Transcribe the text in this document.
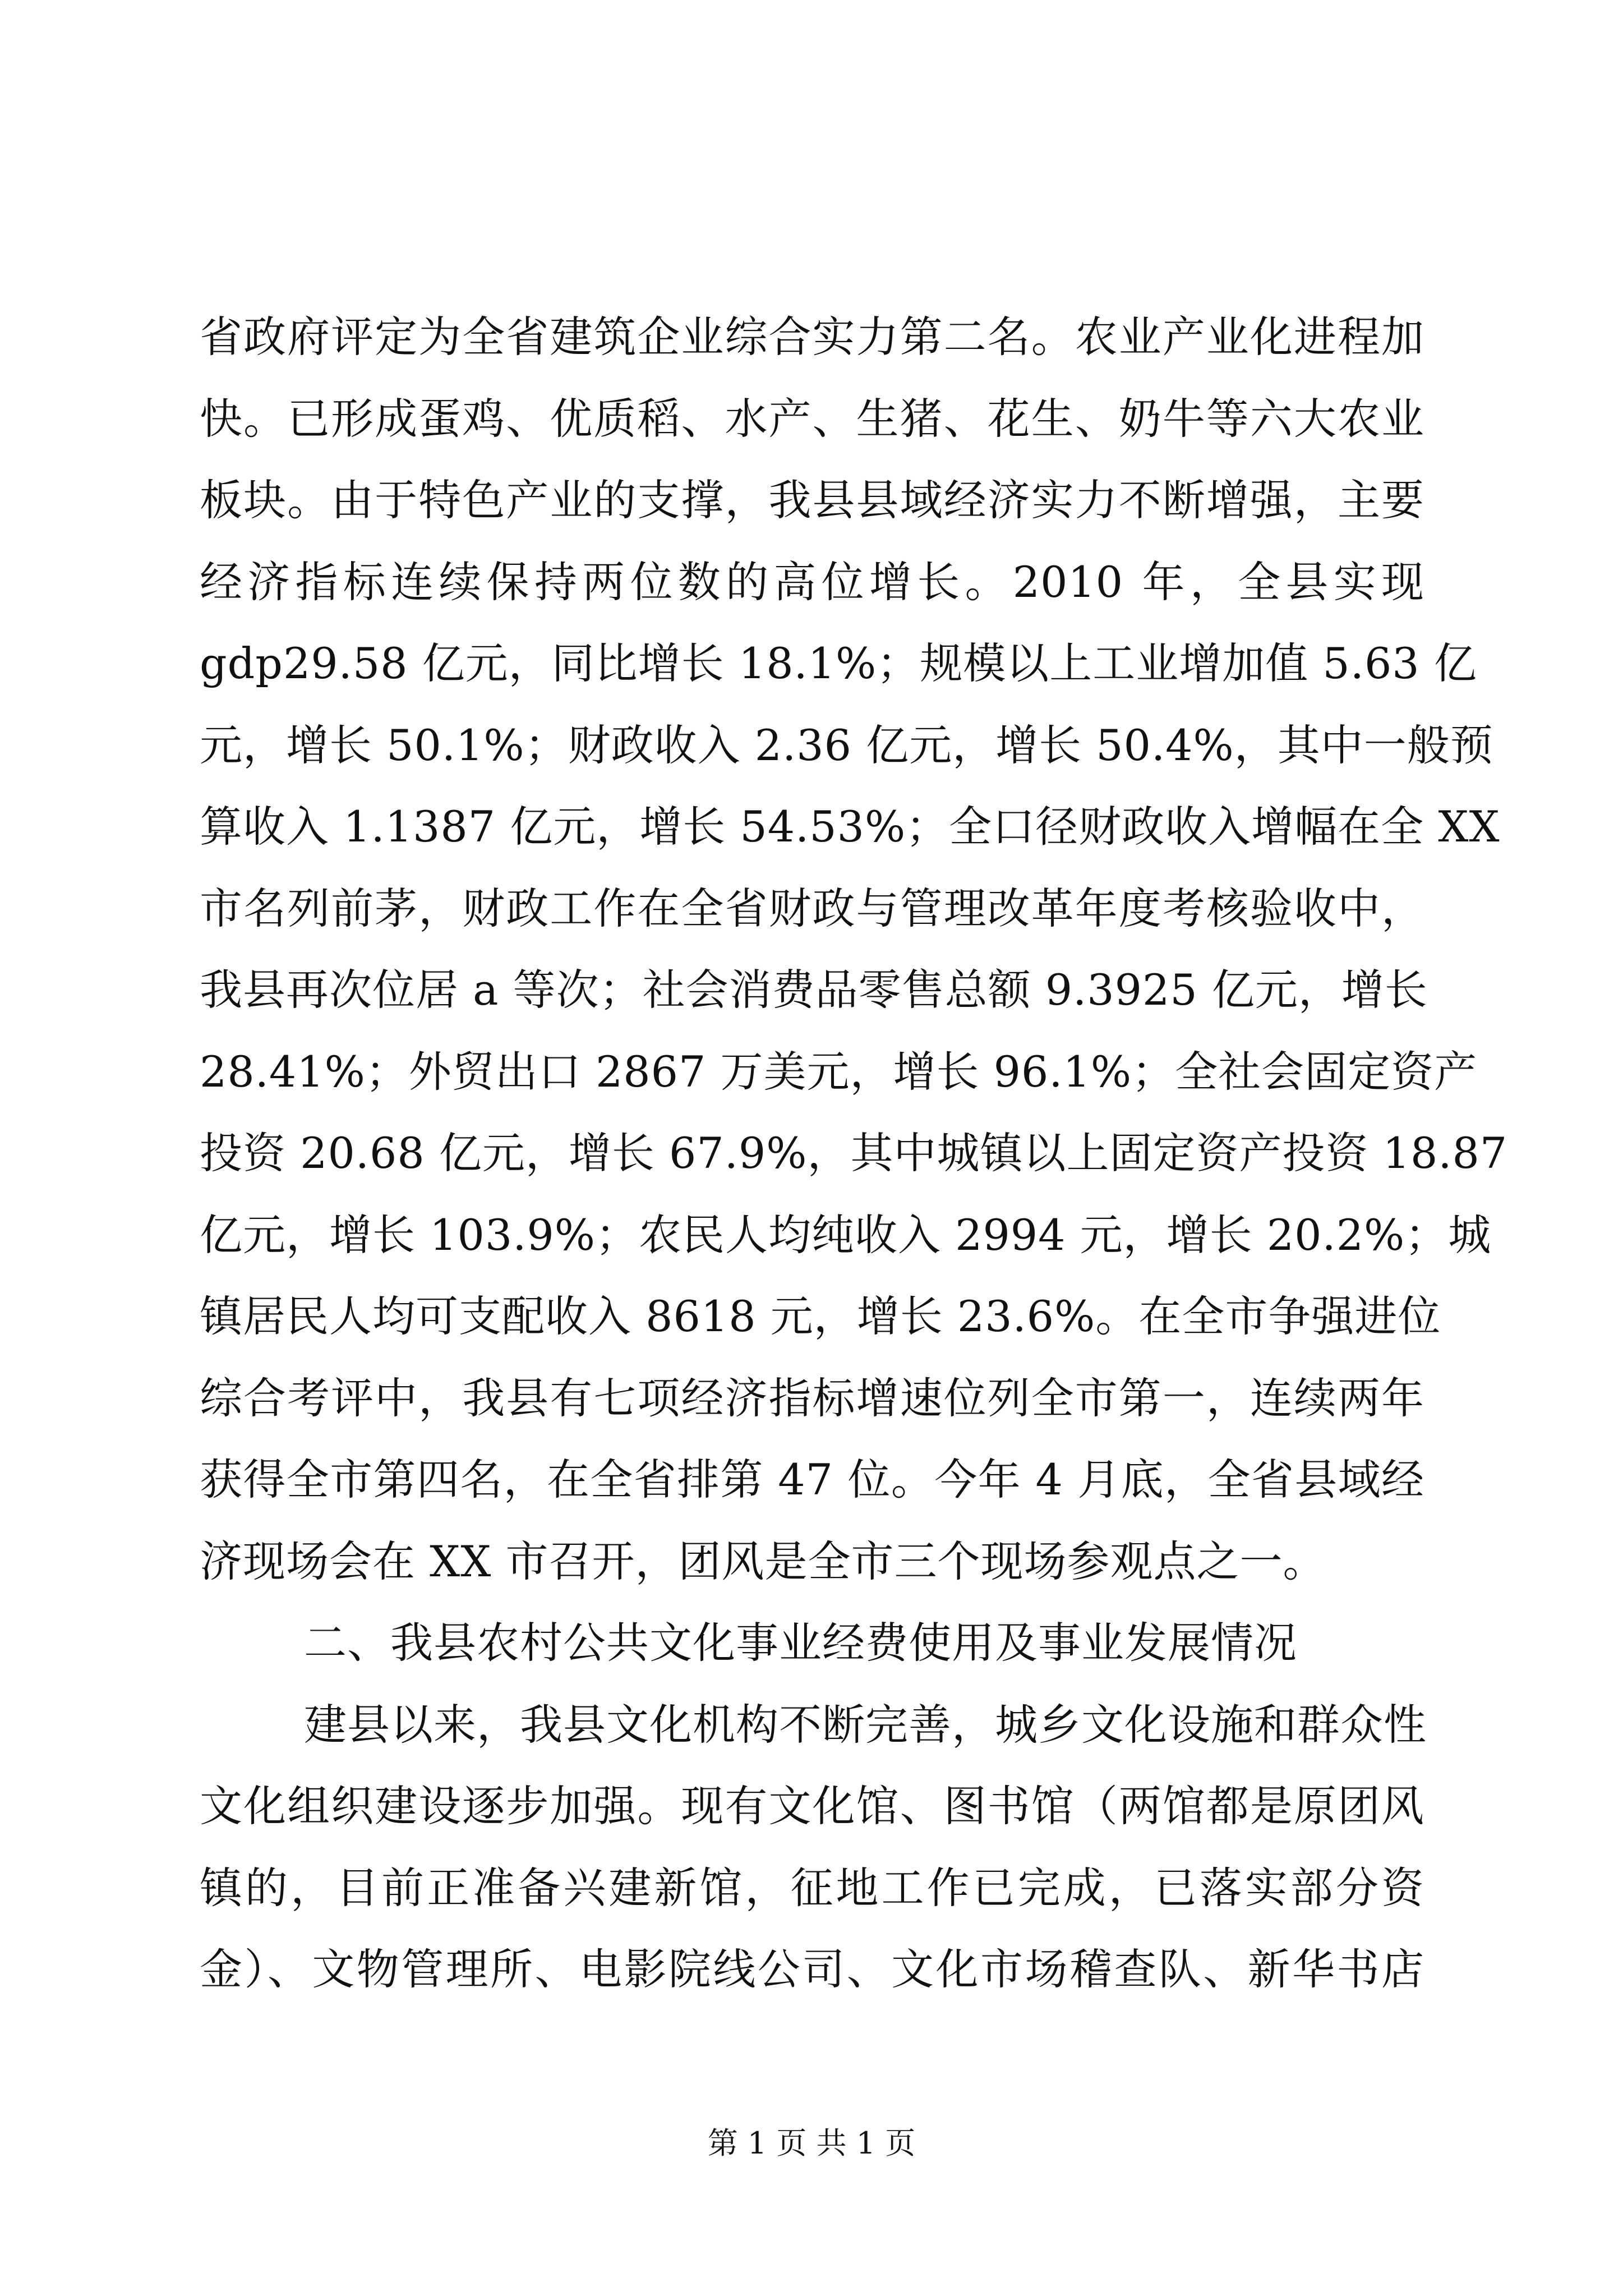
省政府评定为全省建筑企业综合实力第二名。农业产业化进程加
快。已形成蛋鸡、优质稻、水产、生猪、花生、奶牛等六大农业
板块。由于特色产业的支撑，我县县域经济实力不断增强，主要
经济指标连续保持两位数的高位增长。2010 年，全县实现
gdp29.58 亿元，同比增长 18.1%；规模以上工业增加值 5.63 亿
元，增长 50.1%；财政收入 2.36 亿元，增长 50.4%，其中一般预
算收入 1.1387 亿元，增长 54.53%；全口径财政收入增幅在全 XX
市名列前茅，财政工作在全省财政与管理改革年度考核验收中，
我县再次位居 a 等次；社会消费品零售总额 9.3925 亿元，增长
28.41%；外贸出口 2867 万美元，增长 96.1%；全社会固定资产
投资 20.68 亿元，增长 67.9%，其中城镇以上固定资产投资 18.87
亿元，增长 103.9%；农民人均纯收入 2994 元，增长 20.2%；城
镇居民人均可支配收入 8618 元，增长 23.6%。在全市争强进位
综合考评中，我县有七项经济指标增速位列全市第一，连续两年
获得全市第四名，在全省排第 47 位。今年 4 月底，全省县域经
济现场会在 XX 市召开，团风是全市三个现场参观点之一。
二、我县农村公共文化事业经费使用及事业发展情况
建县以来，我县文化机构不断完善，城乡文化设施和群众性
文化组织建设逐步加强。现有文化馆、图书馆（两馆都是原团风
镇的，目前正准备兴建新馆，征地工作已完成，已落实部分资
金）、文物管理所、电影院线公司、文化市场稽查队、新华书店
第 1 页 共 1 页
